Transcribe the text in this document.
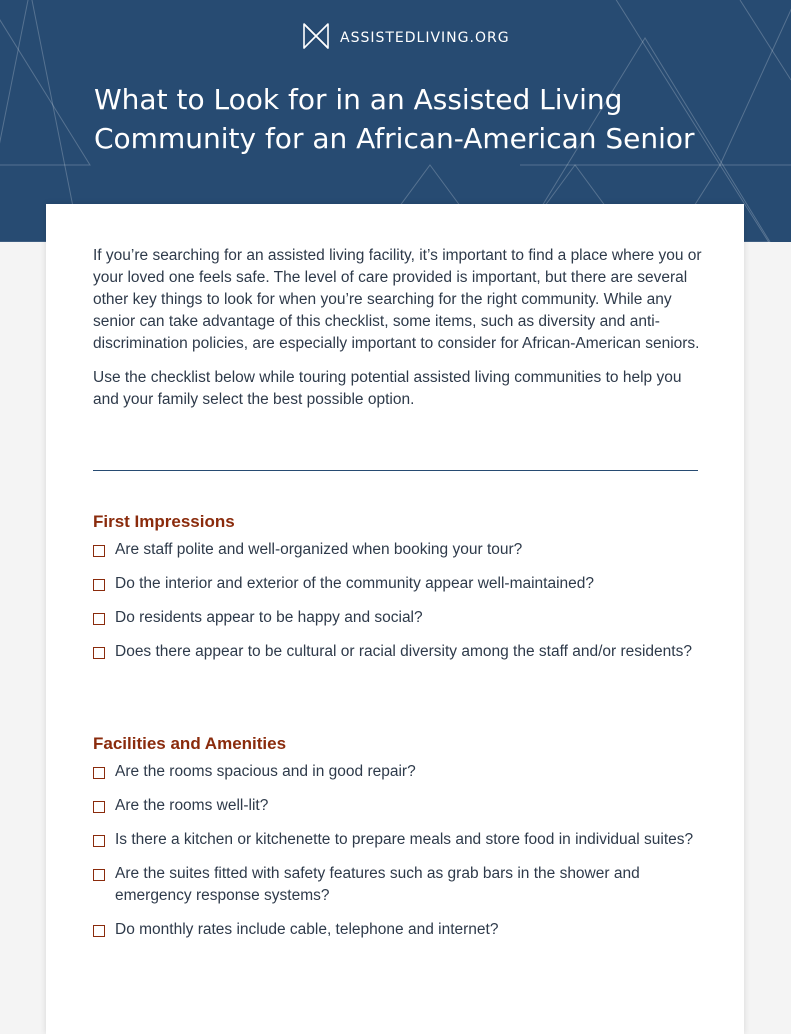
ASSISTEDLIVING.ORG
What to Look for in an Assisted Living
Community for an African-American Senior

If you’re searching for an assisted living facility, it’s important to find a place where you or your loved one feels safe. The level of care provided is important, but there are several other key things to look for when you’re searching for the right community. While any senior can take advantage of this checklist, some items, such as diversity and anti-discrimination policies, are especially important to consider for African-American seniors.

Use the checklist below while touring potential assisted living communities to help you and your family select the best possible option.

First Impressions
Are staff polite and well-organized when booking your tour?
Do the interior and exterior of the community appear well-maintained?
Do residents appear to be happy and social?
Does there appear to be cultural or racial diversity among the staff and/or residents?
Facilities and Amenities
Are the rooms spacious and in good repair?
Are the rooms well-lit?
Is there a kitchen or kitchenette to prepare meals and store food in individual suites?
Are the suites fitted with safety features such as grab bars in the shower and emergency response systems?
Do monthly rates include cable, telephone and internet?
